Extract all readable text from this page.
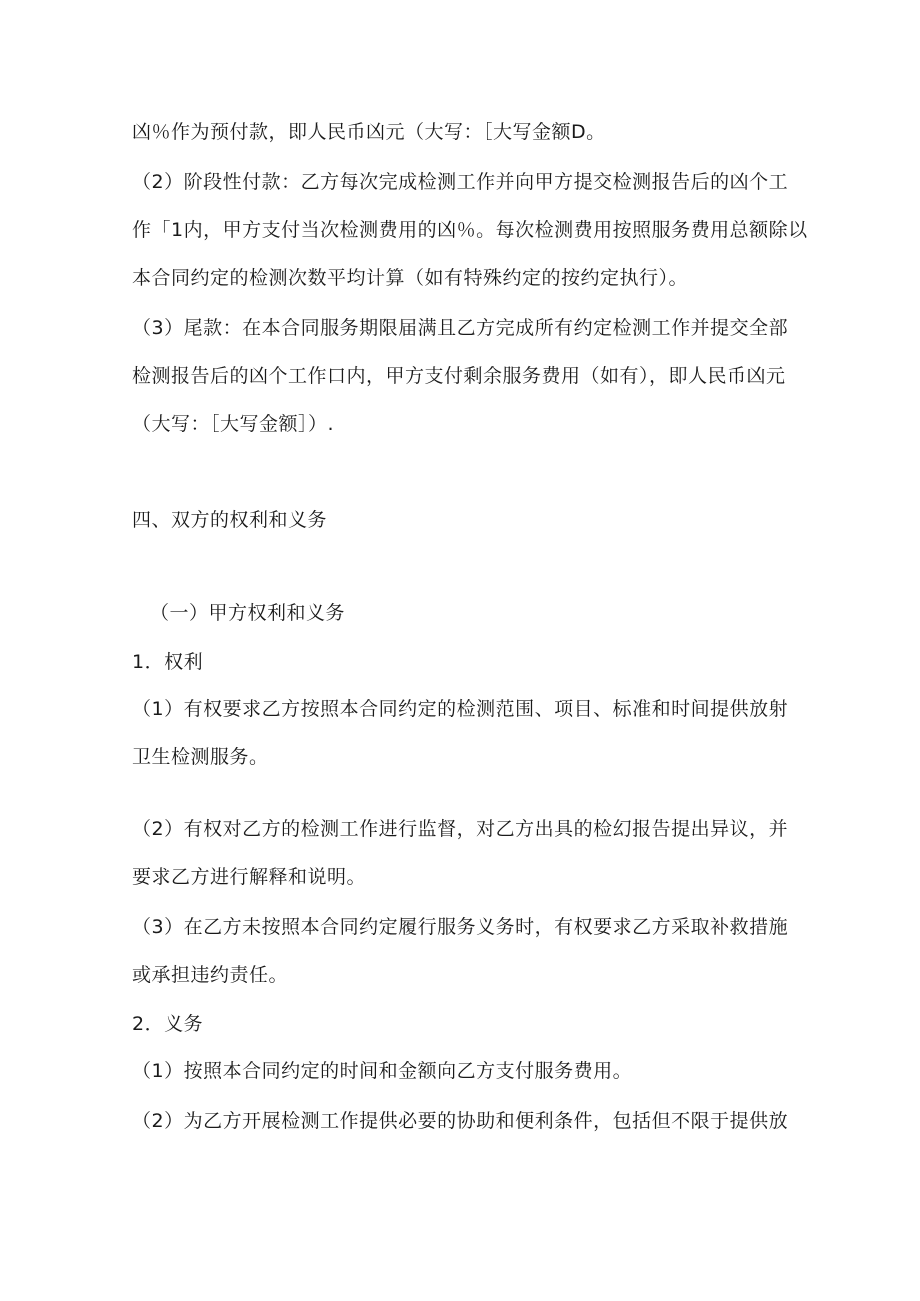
凶％作为预付款，即人民币凶元（大写：［大写金额D。
（2）阶段性付款：乙方每次完成检测工作并向甲方提交检测报告后的凶个工
作「1内，甲方支付当次检测费用的凶％。每次检测费用按照服务费用总额除以
本合同约定的检测次数平均计算（如有特殊约定的按约定执行）。
（3）尾款：在本合同服务期限届满且乙方完成所有约定检测工作并提交全部
检测报告后的凶个工作口内，甲方支付剩余服务费用（如有），即人民币凶元
（大写：［大写金额］）.
四、双方的权利和义务
（一）甲方权利和义务
1．权利
（1）有权要求乙方按照本合同约定的检测范围、项目、标准和时间提供放射
卫生检测服务。
（2）有权对乙方的检测工作进行监督，对乙方出具的检幻报告提出异议，并
要求乙方进行解释和说明。
（3）在乙方未按照本合同约定履行服务义务时，有权要求乙方采取补救措施
或承担违约责任。
2．义务
（1）按照本合同约定的时间和金额向乙方支付服务费用。
（2）为乙方开展检测工作提供必要的协助和便利条件，包括但不限于提供放
